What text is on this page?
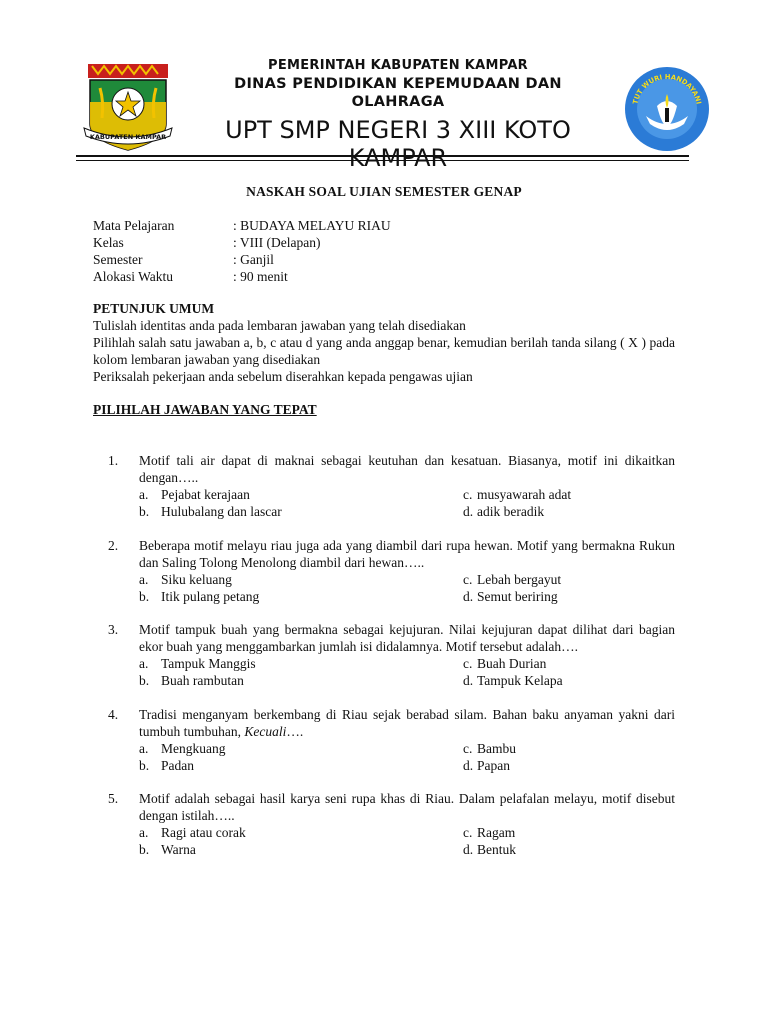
KABUPATEN KAMPAR
PEMERINTAH KABUPATEN KAMPAR
DINAS PENDIDIKAN KEPEMUDAAN DAN OLAHRAGA
UPT SMP NEGERI 3 XIII KOTO KAMPAR
TUT WURI HANDAYANI
NASKAH SOAL UJIAN SEMESTER GENAP
Mata Pelajaran	: BUDAYA MELAYU RIAU
Kelas	: VIII (Delapan)
Semester	: Ganjil
Alokasi Waktu	: 90 menit
PETUNJUK UMUM

Tulislah identitas anda pada lembaran jawaban yang telah disediakan

Pilihlah salah satu jawaban a, b, c atau d yang anda anggap benar, kemudian berilah tanda silang ( X ) pada kolom lembaran jawaban yang disediakan

Periksalah pekerjaan anda sebelum diserahkan kepada pengawas ujian

PILIHLAH JAWABAN YANG TEPAT
1.	Motif tali air dapat di maknai sebagai keutuhan dan kesatuan. Biasanya, motif ini dikaitkan dengan…..
a. Pejabat kerajaan	c. musyawarah adat
b. Hulubalang dan lascar	d. adik beradik
2.	Beberapa motif melayu riau juga ada yang diambil dari rupa hewan. Motif yang bermakna Rukun dan Saling Tolong Menolong diambil dari hewan…..
a. Siku keluang	c. Lebah bergayut
b. Itik pulang petang	d. Semut beriring
3.	Motif tampuk buah yang bermakna sebagai kejujuran. Nilai kejujuran dapat dilihat dari bagian ekor buah yang menggambarkan jumlah isi didalamnya. Motif tersebut adalah….
a. Tampuk Manggis	c. Buah Durian
b. Buah rambutan	d. Tampuk Kelapa
4.	Tradisi menganyam berkembang di Riau sejak berabad silam. Bahan baku anyaman yakni dari tumbuh tumbuhan, Kecuali….
a. Mengkuang	c. Bambu
b. Padan	d. Papan
5.	Motif adalah sebagai hasil karya seni rupa khas di Riau. Dalam pelafalan melayu, motif disebut dengan istilah…..
a. Ragi atau corak	c. Ragam
b. Warna	d. Bentuk
